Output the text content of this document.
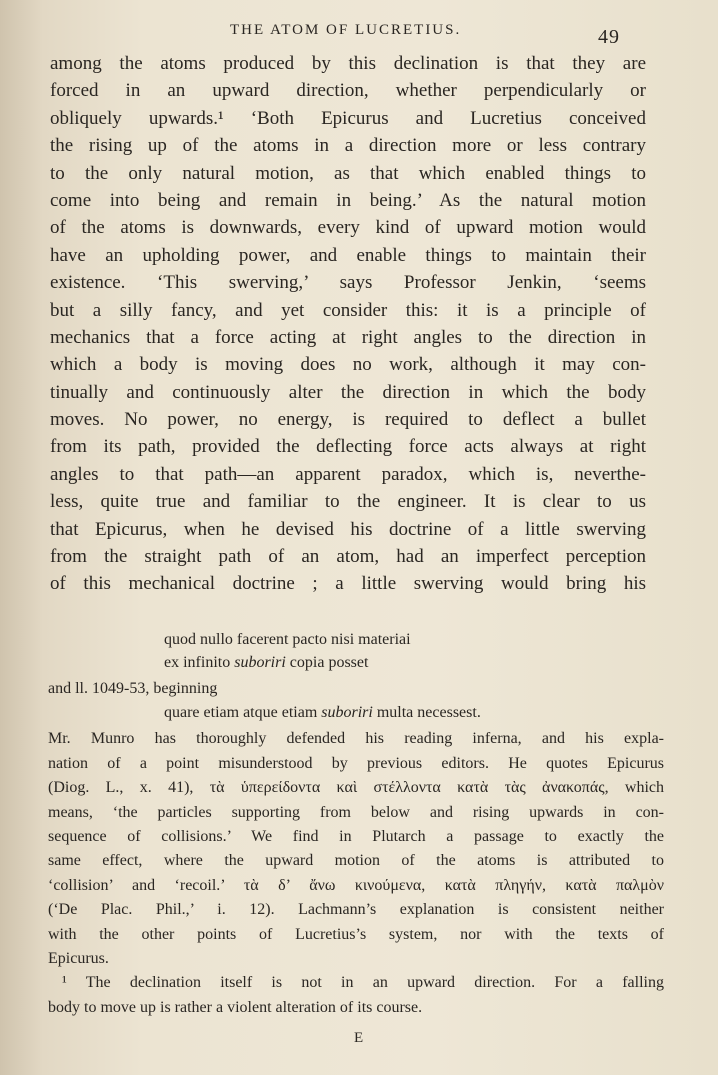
THE ATOM OF LUCRETIUS.	49
among the atoms produced by this declination is that they are
forced in an upward direction, whether perpendicularly or
obliquely upwards.¹ ‘Both Epicurus and Lucretius conceived
the rising up of the atoms in a direction more or less contrary
to the only natural motion, as that which enabled things to
come into being and remain in being.’ As the natural motion
of the atoms is downwards, every kind of upward motion would
have an upholding power, and enable things to maintain their
existence. ‘This swerving,’ says Professor Jenkin, ‘seems
but a silly fancy, and yet consider this: it is a principle of
mechanics that a force acting at right angles to the direction in
which a body is moving does no work, although it may con-
tinually and continuously alter the direction in which the body
moves. No power, no energy, is required to deflect a bullet
from its path, provided the deflecting force acts always at right
angles to that path—an apparent paradox, which is, neverthe-
less, quite true and familiar to the engineer. It is clear to us
that Epicurus, when he devised his doctrine of a little swerving
from the straight path of an atom, had an imperfect perception
of this mechanical doctrine ; a little swerving would bring his
quod nullo facerent pacto nisi materiai
ex infinito suboriri copia posset
and ll. 1049-53, beginning
quare etiam atque etiam suboriri multa necessest.
Mr. Munro has thoroughly defended his reading inferna, and his expla-
nation of a point misunderstood by previous editors. He quotes Epicurus
(Diog. L., x. 41), τὰ ὑπερείδοντα καὶ στέλλοντα κατὰ τὰς ἀνακοπάς, which
means, ‘the particles supporting from below and rising upwards in con-
sequence of collisions.’ We find in Plutarch a passage to exactly the
same effect, where the upward motion of the atoms is attributed to
‘collision’ and ‘recoil.’ τὰ δ’ ἄνω κινούμενα, κατὰ πληγήν, κατὰ παλμὸν
(‘De Plac. Phil.,’ i. 12). Lachmann’s explanation is consistent neither
with the other points of Lucretius’s system, nor with the texts of
Epicurus.
¹ The declination itself is not in an upward direction. For a falling
body to move up is rather a violent alteration of its course.
E
